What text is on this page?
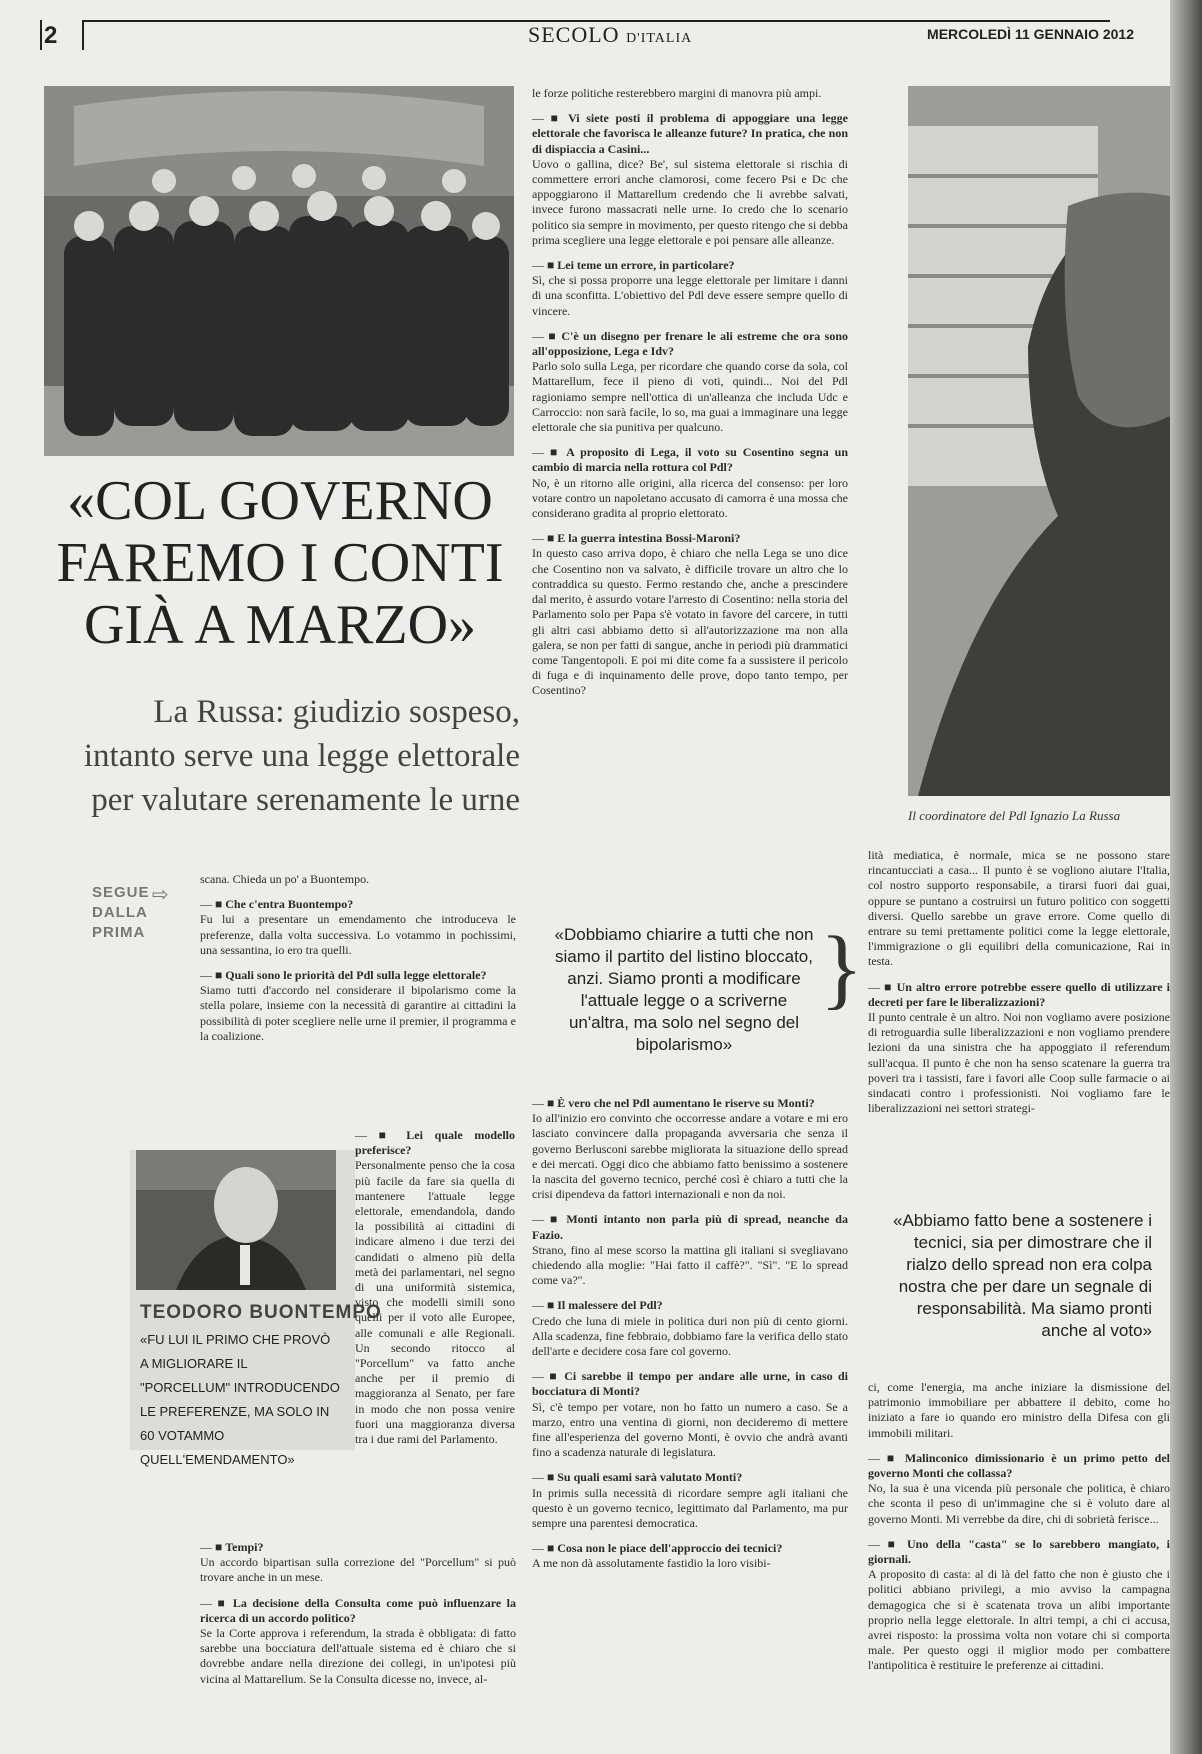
2	SECOLO D'ITALIA	MERCOLEDÌ 11 GENNAIO 2012
Il coordinatore del Pdl Ignazio La Russa
«COL GOVERNO
FAREMO I CONTI
GIÀ A MARZO»
La Russa: giudizio sospeso,
intanto serve una legge elettorale
per valutare serenamente le urne
SEGUE
DALLA
PRIMA
⇨

scana. Chieda un po' a Buontempo.

— ■ Che c'entra Buontempo?

Fu lui a presentare un emendamento che introduceva le preferenze, dalla volta successiva. Lo votammo in pochissimi, una sessantina, io ero tra quelli.

— ■ Quali sono le priorità del Pdl sulla legge elettorale?

Siamo tutti d'accordo nel considerare il bipolarismo come la stella polare, insieme con la necessità di garantire ai cittadini la possibilità di poter scegliere nelle urne il premier, il programma e la coalizione.

TEODORO BUONTEMPO
«FU LUI IL PRIMO CHE PROVÒ A MIGLIORARE IL "PORCELLUM" INTRODUCENDO LE PREFERENZE, MA SOLO IN 60 VOTAMMO QUELL'EMENDAMENTO»
— ■ Lei quale modello preferisce?

Personalmente penso che la cosa più facile da fare sia quella di mantenere l'attuale legge elettorale, emendandola, dando la possibilità ai cittadini di indicare almeno i due terzi dei candidati o almeno più della metà dei parlamentari, nel segno di una uniformità sistemica, visto che modelli simili sono quelli per il voto alle Europee, alle comunali e alle Regionali. Un secondo ritocco al "Porcellum" va fatto anche anche per il premio di maggioranza al Senato, per fare in modo che non possa venire fuori una maggioranza diversa tra i due rami del Parlamento.

— ■ Tempi?

Un accordo bipartisan sulla correzione del "Porcellum" si può trovare anche in un mese.

— ■ La decisione della Consulta come può influenzare la ricerca di un accordo politico?

Se la Corte approva i referendum, la strada è obbligata: di fatto sarebbe una bocciatura dell'attuale sistema ed è chiaro che si dovrebbe andare nella direzione dei collegi, in un'ipotesi più vicina al Mattarellum. Se la Consulta dicesse no, invece, al-

le forze politiche resterebbero margini di manovra più ampi.

— ■ Vi siete posti il problema di appoggiare una legge elettorale che favorisca le alleanze future? In pratica, che non di dispiaccia a Casini...

Uovo o gallina, dice? Be', sul sistema elettorale si rischia di commettere errori anche clamorosi, come fecero Psi e Dc che appoggiarono il Mattarellum credendo che li avrebbe salvati, invece furono massacrati nelle urne. Io credo che lo scenario politico sia sempre in movimento, per questo ritengo che si debba prima scegliere una legge elettorale e poi pensare alle alleanze.

— ■ Lei teme un errore, in particolare?

Sì, che si possa proporre una legge elettorale per limitare i danni di una sconfitta. L'obiettivo del Pdl deve essere sempre quello di vincere.

— ■ C'è un disegno per frenare le ali estreme che ora sono all'opposizione, Lega e Idv?

Parlo solo sulla Lega, per ricordare che quando corse da sola, col Mattarellum, fece il pieno di voti, quindi... Noi del Pdl ragioniamo sempre nell'ottica di un'alleanza che includa Udc e Carroccio: non sarà facile, lo so, ma guai a immaginare una legge elettorale che sia punitiva per qualcuno.

— ■ A proposito di Lega, il voto su Cosentino segna un cambio di marcia nella rottura col Pdl?

No, è un ritorno alle origini, alla ricerca del consenso: per loro votare contro un napoletano accusato di camorra è una mossa che considerano gradita al proprio elettorato.

— ■ E la guerra intestina Bossi-Maroni?

In questo caso arriva dopo, è chiaro che nella Lega se uno dice che Cosentino non va salvato, è difficile trovare un altro che lo contraddica su questo. Fermo restando che, anche a prescindere dal merito, è assurdo votare l'arresto di Cosentino: nella storia del Parlamento solo per Papa s'è votato in favore del carcere, in tutti gli altri casi abbiamo detto sì all'autorizzazione ma non alla galera, se non per fatti di sangue, anche in periodi più drammatici come Tangentopoli. E poi mi dite come fa a sussistere il pericolo di fuga e di inquinamento delle prove, dopo tanto tempo, per Cosentino?

«Dobbiamo chiarire a tutti che non siamo il partito del listino bloccato, anzi. Siamo pronti a modificare l'attuale legge o a scriverne un'altra, ma solo nel segno del bipolarismo»
}
— ■ È vero che nel Pdl aumentano le riserve su Monti?

Io all'inizio ero convinto che occorresse andare a votare e mi ero lasciato convincere dalla propaganda avversaria che senza il governo Berlusconi sarebbe migliorata la situazione dello spread e dei mercati. Oggi dico che abbiamo fatto benissimo a sostenere la nascita del governo tecnico, perché così è chiaro a tutti che la crisi dipendeva da fattori internazionali e non da noi.

— ■ Monti intanto non parla più di spread, neanche da Fazio.

Strano, fino al mese scorso la mattina gli italiani si svegliavano chiedendo alla moglie: "Hai fatto il caffè?". "Sì". "E lo spread come va?".

— ■ Il malessere del Pdl?

Credo che luna di miele in politica duri non più di cento giorni. Alla scadenza, fine febbraio, dobbiamo fare la verifica dello stato dell'arte e decidere cosa fare col governo.

— ■ Ci sarebbe il tempo per andare alle urne, in caso di bocciatura di Monti?

Sì, c'è tempo per votare, non ho fatto un numero a caso. Se a marzo, entro una ventina di giorni, non decideremo di mettere fine all'esperienza del governo Monti, è ovvio che andrà avanti fino a scadenza naturale di legislatura.

— ■ Su quali esami sarà valutato Monti?

In primis sulla necessità di ricordare sempre agli italiani che questo è un governo tecnico, legittimato dal Parlamento, ma pur sempre una parentesi democratica.

— ■ Cosa non le piace dell'approccio dei tecnici?

A me non dà assolutamente fastidio la loro visibi-

lità mediatica, è normale, mica se ne possono stare rincantucciati a casa... Il punto è se vogliono aiutare l'Italia, col nostro supporto responsabile, a tirarsi fuori dai guai, oppure se puntano a costruirsi un futuro politico con soggetti diversi. Quello sarebbe un grave errore. Come quello di entrare su temi prettamente politici come la legge elettorale, l'immigrazione o gli equilibri della comunicazione, Rai in testa.

— ■ Un altro errore potrebbe essere quello di utilizzare i decreti per fare le liberalizzazioni?

Il punto centrale è un altro. Noi non vogliamo avere posizione di retroguardia sulle liberalizzazioni e non vogliamo prendere lezioni da una sinistra che ha appoggiato il referendum sull'acqua. Il punto è che non ha senso scatenare la guerra tra poveri tra i tassisti, fare i favori alle Coop sulle farmacie o ai sindacati contro i professionisti. Noi vogliamo fare le liberalizzazioni nei settori strategi-

«Abbiamo fatto bene a sostenere i tecnici, sia per dimostrare che il rialzo dello spread non era colpa nostra che per dare un segnale di responsabilità. Ma siamo pronti anche al voto»

ci, come l'energia, ma anche iniziare la dismissione del patrimonio immobiliare per abbattere il debito, come ho iniziato a fare io quando ero ministro della Difesa con gli immobili militari.

— ■ Malinconico dimissionario è un primo petto del governo Monti che collassa?

No, la sua è una vicenda più personale che politica, è chiaro che sconta il peso di un'immagine che si è voluto dare al governo Monti. Mi verrebbe da dire, chi di sobrietà ferisce...

— ■ Uno della "casta" se lo sarebbero mangiato, i giornali.

A proposito di casta: al di là del fatto che non è giusto che i politici abbiano privilegi, a mio avviso la campagna demagogica che si è scatenata trova un alibi importante proprio nella legge elettorale. In altri tempi, a chi ci accusa, avrei risposto: la prossima volta non votare chi si comporta male. Per questo oggi il miglior modo per combattere l'antipolitica è restituire le preferenze ai cittadini.
